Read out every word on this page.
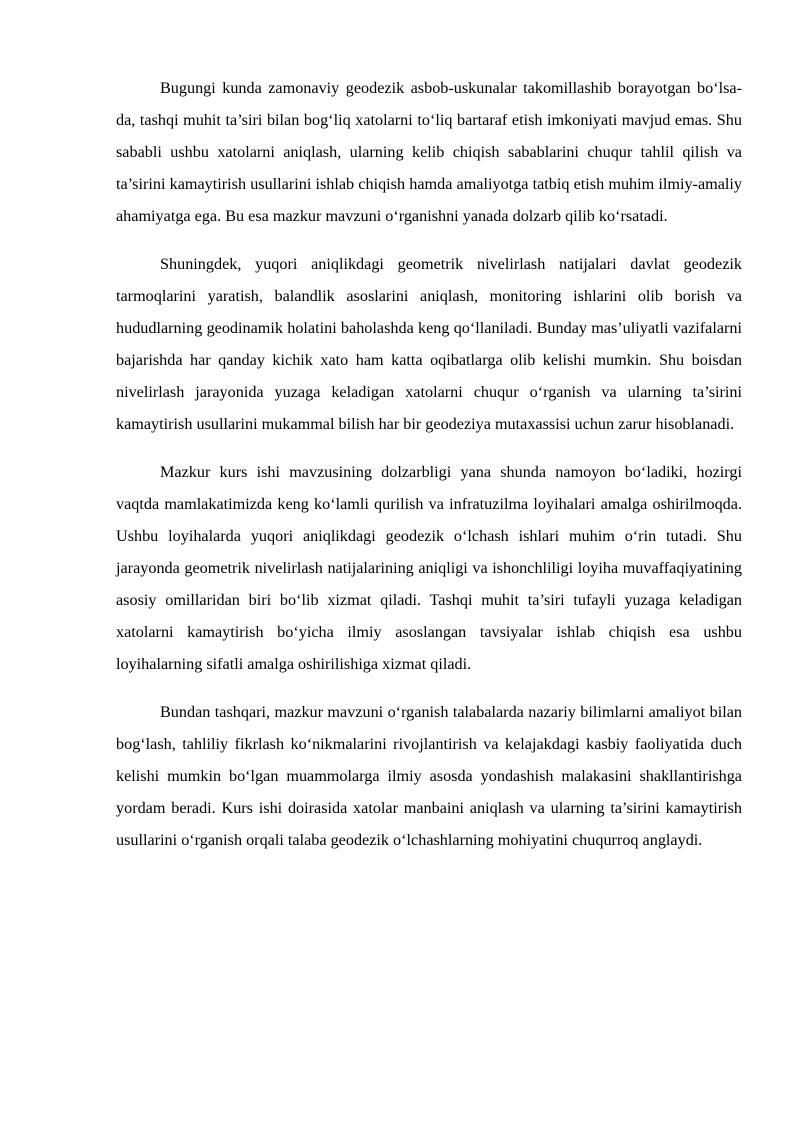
Bugungi kunda zamonaviy geodezik asbob-uskunalar takomillashib borayotgan bo‘lsa-da, tashqi muhit ta’siri bilan bog‘liq xatolarni to‘liq bartaraf etish imkoniyati mavjud emas. Shu sababli ushbu xatolarni aniqlash, ularning kelib chiqish sabablarini chuqur tahlil qilish va ta’sirini kamaytirish usullarini ishlab chiqish hamda amaliyotga tatbiq etish muhim ilmiy-amaliy ahamiyatga ega. Bu esa mazkur mavzuni o‘rganishni yanada dolzarb qilib ko‘rsatadi.

Shuningdek, yuqori aniqlikdagi geometrik nivelirlash natijalari davlat geodezik tarmoqlarini yaratish, balandlik asoslarini aniqlash, monitoring ishlarini olib borish va hududlarning geodinamik holatini baholashda keng qo‘llaniladi. Bunday mas’uliyatli vazifalarni bajarishda har qanday kichik xato ham katta oqibatlarga olib kelishi mumkin. Shu boisdan nivelirlash jarayonida yuzaga keladigan xatolarni chuqur o‘rganish va ularning ta’sirini kamaytirish usullarini mukammal bilish har bir geodeziya mutaxassisi uchun zarur hisoblanadi.

Mazkur kurs ishi mavzusining dolzarbligi yana shunda namoyon bo‘ladiki, hozirgi vaqtda mamlakatimizda keng ko‘lamli qurilish va infratuzilma loyihalari amalga oshirilmoqda. Ushbu loyihalarda yuqori aniqlikdagi geodezik o‘lchash ishlari muhim o‘rin tutadi. Shu jarayonda geometrik nivelirlash natijalarining aniqligi va ishonchliligi loyiha muvaffaqiyatining asosiy omillaridan biri bo‘lib xizmat qiladi. Tashqi muhit ta’siri tufayli yuzaga keladigan xatolarni kamaytirish bo‘yicha ilmiy asoslangan tavsiyalar ishlab chiqish esa ushbu loyihalarning sifatli amalga oshirilishiga xizmat qiladi.

Bundan tashqari, mazkur mavzuni o‘rganish talabalarda nazariy bilimlarni amaliyot bilan bog‘lash, tahliliy fikrlash ko‘nikmalarini rivojlantirish va kelajakdagi kasbiy faoliyatida duch kelishi mumkin bo‘lgan muammolarga ilmiy asosda yondashish malakasini shakllantirishga yordam beradi. Kurs ishi doirasida xatolar manbaini aniqlash va ularning ta’sirini kamaytirish usullarini o‘rganish orqali talaba geodezik o‘lchashlarning mohiyatini chuqurroq anglaydi.
